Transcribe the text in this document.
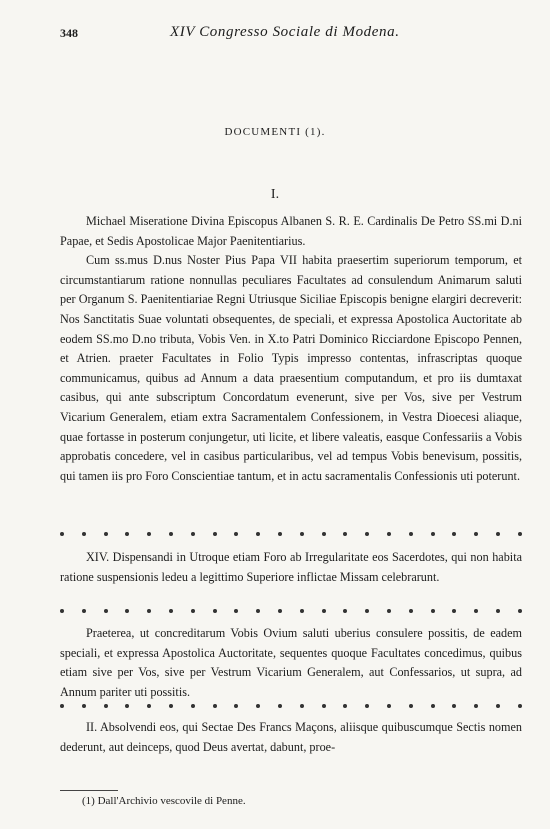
348	XIV Congresso Sociale di Modena.
DOCUMENTI (1).
I.

Michael Miseratione Divina Episcopus Albanen S. R. E. Cardinalis De Petro SS.mi D.ni Papae, et Sedis Apostolicae Major Paenitentiarius.

Cum ss.mus D.nus Noster Pius Papa VII habita praesertim superiorum temporum, et circumstantiarum ratione nonnullas peculiares Facultates ad consulendum Animarum saluti per Organum S. Paenitentiariae Regni Utriusque Siciliae Episcopis benigne elargiri decreverit: Nos Sanctitatis Suae voluntati obsequentes, de speciali, et expressa Apostolica Auctoritate ab eodem SS.mo D.no tributa, Vobis Ven. in X.to Patri Dominico Ricciardone Episcopo Pennen, et Atrien. praeter Facultates in Folio Typis impresso contentas, infrascriptas quoque communicamus, quibus ad Annum a data praesentium computandum, et pro iis dumtaxat casibus, qui ante subscriptum Concordatum evenerunt, sive per Vos, sive per Vestrum Vicarium Generalem, etiam extra Sacramentalem Confessionem, in Vestra Dioecesi aliaque, quae fortasse in posterum conjungetur, uti licite, et libere valeatis, easque Confessariis a Vobis approbatis concedere, vel in casibus particularibus, vel ad tempus Vobis benevisum, possitis, qui tamen iis pro Foro Conscientiae tantum, et in actu sacramentalis Confessionis uti poterunt.

XIV. Dispensandi in Utroque etiam Foro ab Irregularitate eos Sacerdotes, qui non habita ratione suspensionis ledeu a legittimo Superiore inflictae Missam celebrarunt.

Praeterea, ut concreditarum Vobis Ovium saluti uberius consulere possitis, de eadem speciali, et expressa Apostolica Auctoritate, sequentes quoque Facultates concedimus, quibus etiam sive per Vos, sive per Vestrum Vicarium Generalem, aut Confessarios, ut supra, ad Annum pariter uti possitis.

II. Absolvendi eos, qui Sectae Des Francs Maçons, aliisque quibuscumque Sectis nomen dederunt, aut deinceps, quod Deus avertat, dabunt, proe-

(1) Dall'Archivio vescovile di Penne.
